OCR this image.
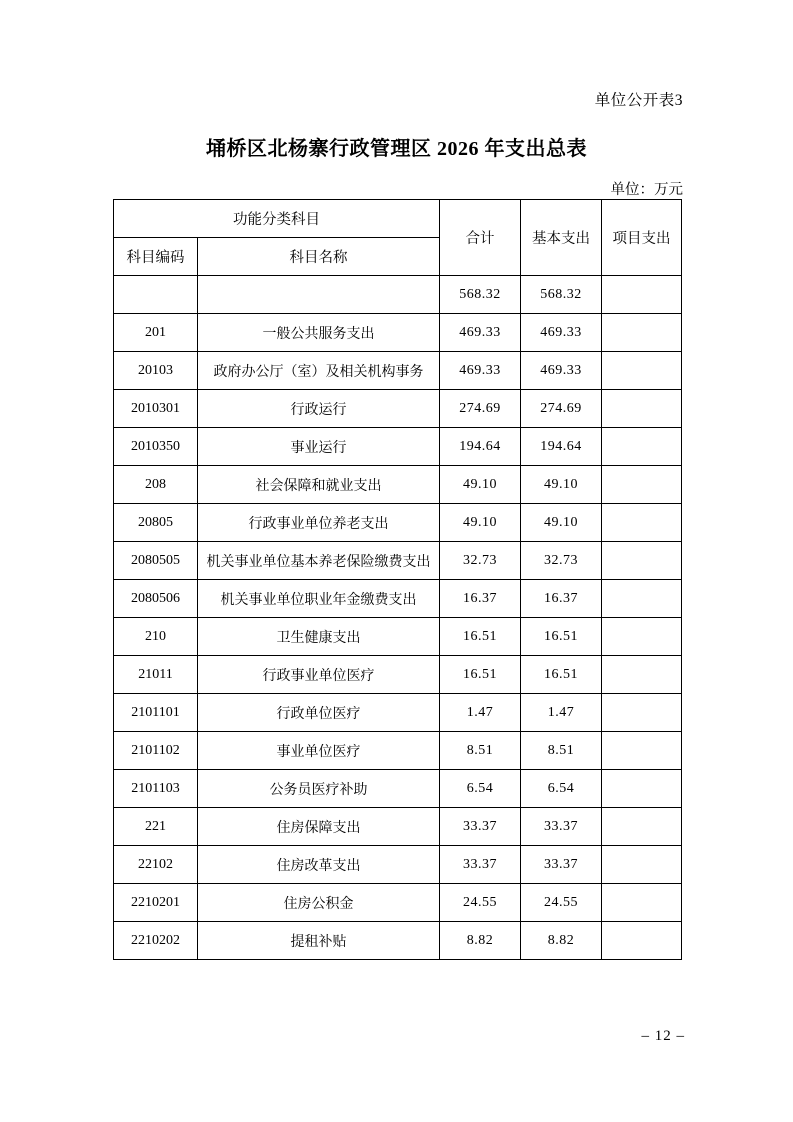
单位公开表3
埇桥区北杨寨行政管理区 2026 年支出总表
单位：万元
功能分类科目		合计	基本支出	项目支出
科目编码	科目名称			
		568.32	568.32	
201	一般公共服务支出	469.33	469.33	
20103	政府办公厅（室）及相关机构事务	469.33	469.33	
2010301	行政运行	274.69	274.69	
2010350	事业运行	194.64	194.64	
208	社会保障和就业支出	49.10	49.10	
20805	行政事业单位养老支出	49.10	49.10	
2080505	机关事业单位基本养老保险缴费支出	32.73	32.73	
2080506	机关事业单位职业年金缴费支出	16.37	16.37	
210	卫生健康支出	16.51	16.51	
21011	行政事业单位医疗	16.51	16.51	
2101101	行政单位医疗	1.47	1.47	
2101102	事业单位医疗	8.51	8.51	
2101103	公务员医疗补助	6.54	6.54	
221	住房保障支出	33.37	33.37	
22102	住房改革支出	33.37	33.37	
2210201	住房公积金	24.55	24.55	
2210202	提租补贴	8.82	8.82	
– 12 –
